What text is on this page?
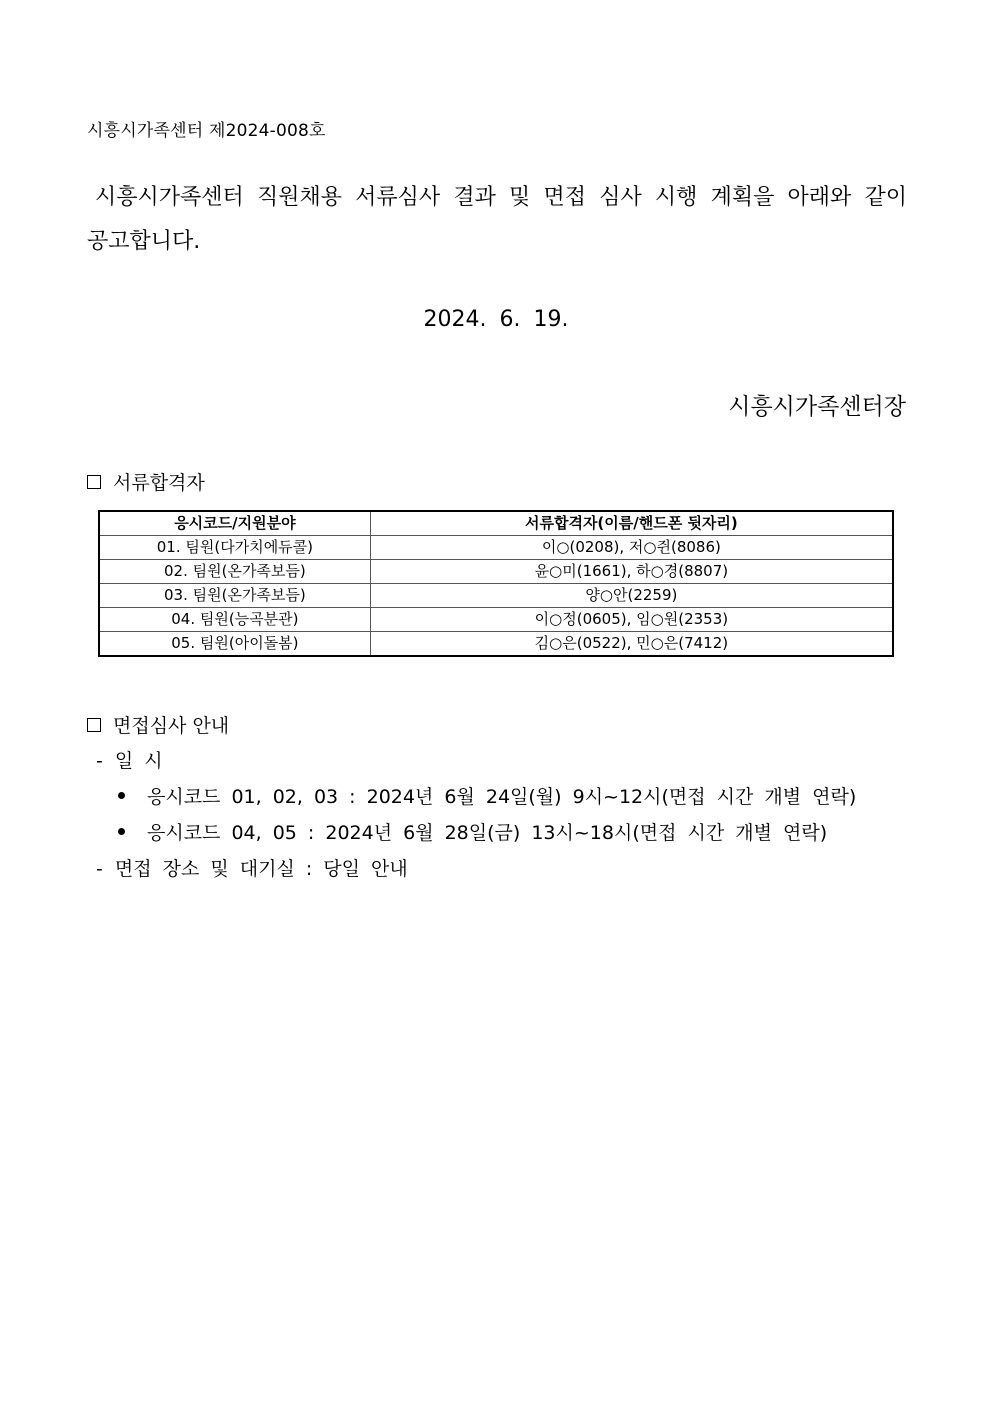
시흥시가족센터 제2024-008호
시흥시가족센터 직원채용 서류심사 결과 및 면접 심사 시행 계획을 아래와 같이 공고합니다.
2024. 6. 19.
시흥시가족센터장
서류합격자
응시코드/지원분야	서류합격자(이름/핸드폰 뒷자리)
01. 팀원(다가치에듀콜)	이○(0208), 저○쥔(8086)
02. 팀원(온가족보듬)	윤○미(1661), 하○경(8807)
03. 팀원(온가족보듬)	양○안(2259)
04. 팀원(능곡분관)	이○정(0605), 임○원(2353)
05. 팀원(아이돌봄)	김○은(0522), 민○은(7412)
면접심사 안내
- 일 시
응시코드 01, 02, 03 : 2024년 6월 24일(월) 9시~12시(면접 시간 개별 연락)
응시코드 04, 05 : 2024년 6월 28일(금) 13시~18시(면접 시간 개별 연락)
- 면접 장소 및 대기실 : 당일 안내
